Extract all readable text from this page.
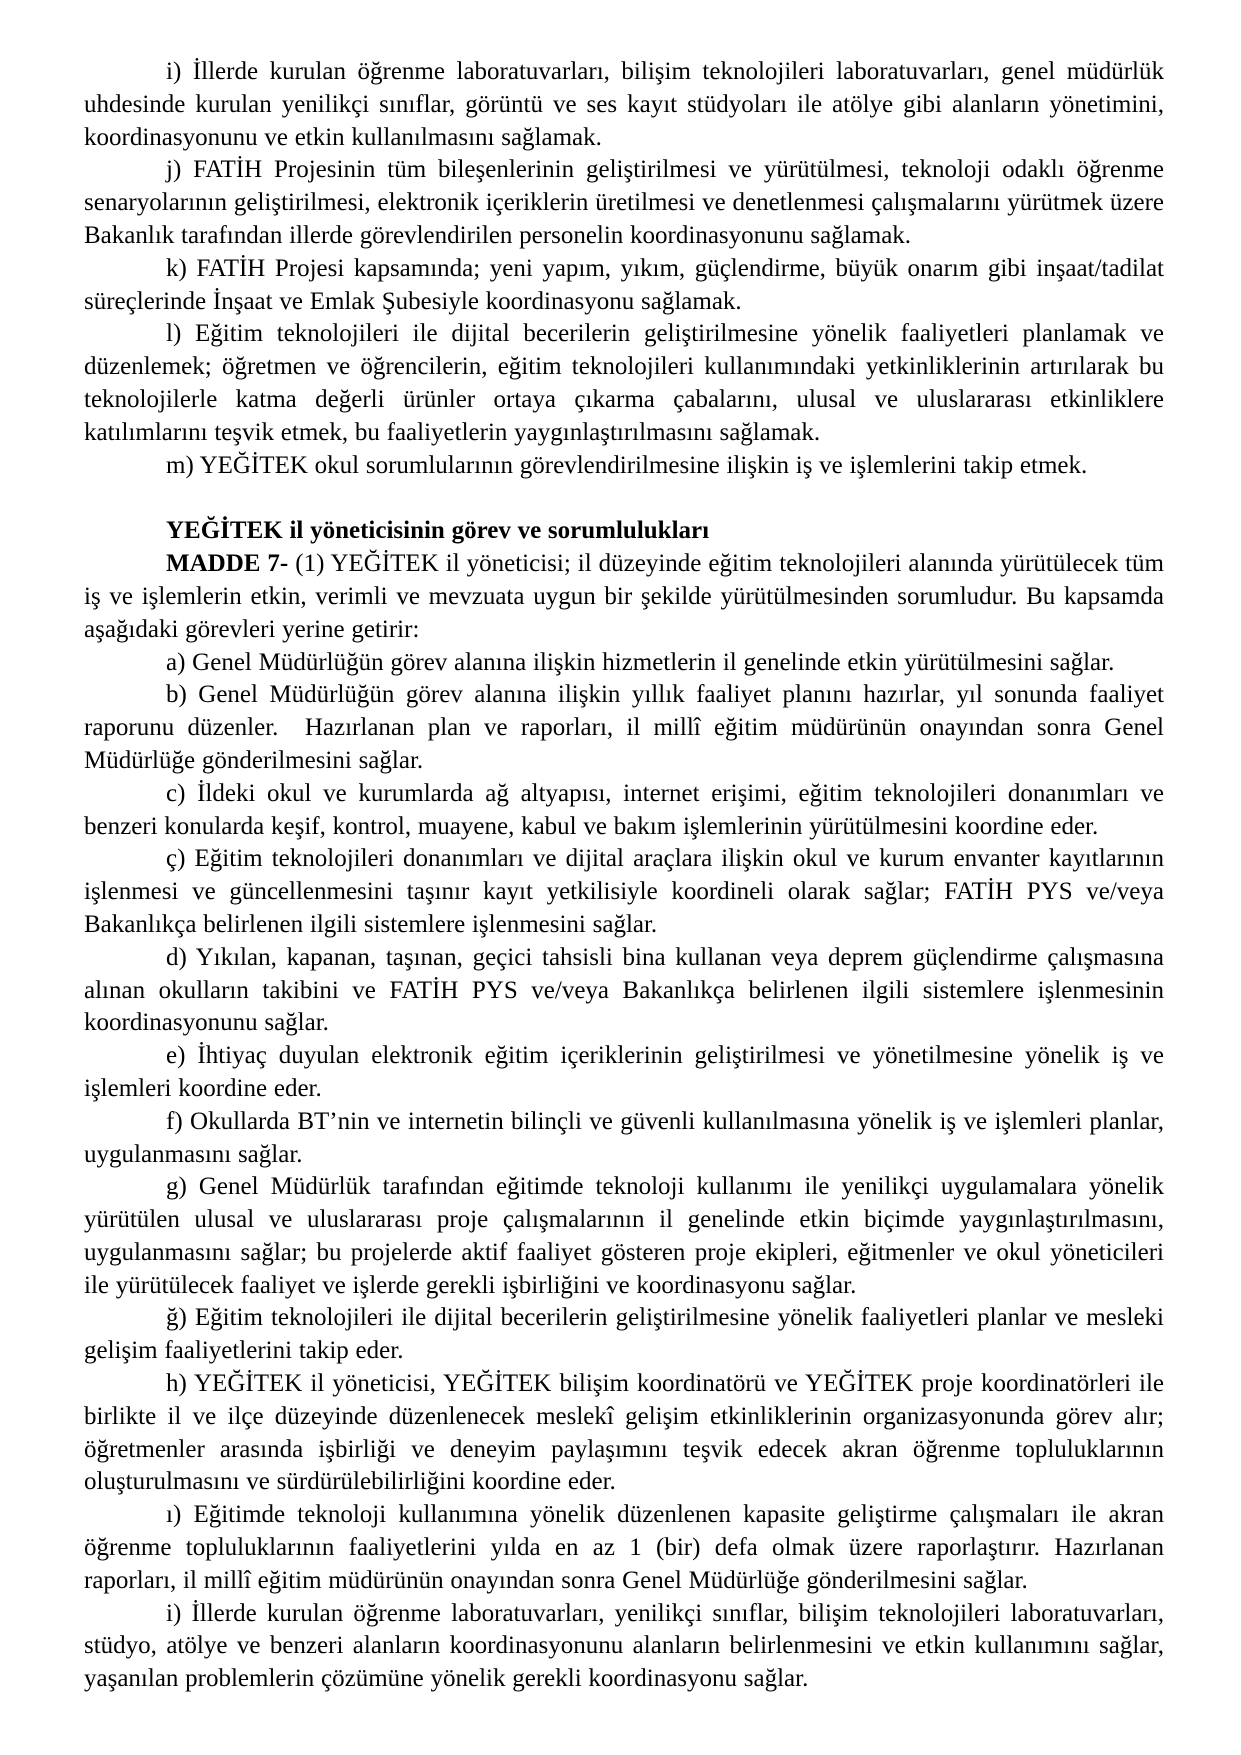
i) İllerde kurulan öğrenme laboratuvarları, bilişim teknolojileri laboratuvarları, genel müdürlük uhdesinde kurulan yenilikçi sınıflar, görüntü ve ses kayıt stüdyoları ile atölye gibi alanların yönetimini, koordinasyonunu ve etkin kullanılmasını sağlamak.

j) FATİH Projesinin tüm bileşenlerinin geliştirilmesi ve yürütülmesi, teknoloji odaklı öğrenme senaryolarının geliştirilmesi, elektronik içeriklerin üretilmesi ve denetlenmesi çalışmalarını yürütmek üzere Bakanlık tarafından illerde görevlendirilen personelin koordinasyonunu sağlamak.

k) FATİH Projesi kapsamında; yeni yapım, yıkım, güçlendirme, büyük onarım gibi inşaat/tadilat süreçlerinde İnşaat ve Emlak Şubesiyle koordinasyonu sağlamak.

l) Eğitim teknolojileri ile dijital becerilerin geliştirilmesine yönelik faaliyetleri planlamak ve düzenlemek; öğretmen ve öğrencilerin, eğitim teknolojileri kullanımındaki yetkinliklerinin artırılarak bu teknolojilerle katma değerli ürünler ortaya çıkarma çabalarını, ulusal ve uluslararası etkinliklere katılımlarını teşvik etmek, bu faaliyetlerin yaygınlaştırılmasını sağlamak.

m) YEĞİTEK okul sorumlularının görevlendirilmesine ilişkin iş ve işlemlerini takip etmek.

YEĞİTEK il yöneticisinin görev ve sorumlulukları

MADDE 7- (1) YEĞİTEK il yöneticisi; il düzeyinde eğitim teknolojileri alanında yürütülecek tüm iş ve işlemlerin etkin, verimli ve mevzuata uygun bir şekilde yürütülmesinden sorumludur. Bu kapsamda aşağıdaki görevleri yerine getirir:

a) Genel Müdürlüğün görev alanına ilişkin hizmetlerin il genelinde etkin yürütülmesini sağlar.

b) Genel Müdürlüğün görev alanına ilişkin yıllık faaliyet planını hazırlar, yıl sonunda faaliyet raporunu düzenler.  Hazırlanan plan ve raporları, il millî eğitim müdürünün onayından sonra Genel Müdürlüğe gönderilmesini sağlar.

c) İldeki okul ve kurumlarda ağ altyapısı, internet erişimi, eğitim teknolojileri donanımları ve benzeri konularda keşif, kontrol, muayene, kabul ve bakım işlemlerinin yürütülmesini koordine eder.

ç) Eğitim teknolojileri donanımları ve dijital araçlara ilişkin okul ve kurum envanter kayıtlarının işlenmesi ve güncellenmesini taşınır kayıt yetkilisiyle koordineli olarak sağlar; FATİH PYS ve/veya Bakanlıkça belirlenen ilgili sistemlere işlenmesini sağlar.

d) Yıkılan, kapanan, taşınan, geçici tahsisli bina kullanan veya deprem güçlendirme çalışmasına alınan okulların takibini ve FATİH PYS ve/veya Bakanlıkça belirlenen ilgili sistemlere işlenmesinin koordinasyonunu sağlar.

e) İhtiyaç duyulan elektronik eğitim içeriklerinin geliştirilmesi ve yönetilmesine yönelik iş ve işlemleri koordine eder.

f) Okullarda BT’nin ve internetin bilinçli ve güvenli kullanılmasına yönelik iş ve işlemleri planlar, uygulanmasını sağlar.

g) Genel Müdürlük tarafından eğitimde teknoloji kullanımı ile yenilikçi uygulamalara yönelik yürütülen ulusal ve uluslararası proje çalışmalarının il genelinde etkin biçimde yaygınlaştırılmasını, uygulanmasını sağlar; bu projelerde aktif faaliyet gösteren proje ekipleri, eğitmenler ve okul yöneticileri ile yürütülecek faaliyet ve işlerde gerekli işbirliğini ve koordinasyonu sağlar.

ğ) Eğitim teknolojileri ile dijital becerilerin geliştirilmesine yönelik faaliyetleri planlar ve mesleki gelişim faaliyetlerini takip eder.

h) YEĞİTEK il yöneticisi, YEĞİTEK bilişim koordinatörü ve YEĞİTEK proje koordinatörleri ile birlikte il ve ilçe düzeyinde düzenlenecek meslekî gelişim etkinliklerinin organizasyonunda görev alır; öğretmenler arasında işbirliği ve deneyim paylaşımını teşvik edecek akran öğrenme topluluklarının oluşturulmasını ve sürdürülebilirliğini koordine eder.

ı) Eğitimde teknoloji kullanımına yönelik düzenlenen kapasite geliştirme çalışmaları ile akran öğrenme topluluklarının faaliyetlerini yılda en az 1 (bir) defa olmak üzere raporlaştırır. Hazırlanan raporları, il millî eğitim müdürünün onayından sonra Genel Müdürlüğe gönderilmesini sağlar.

i) İllerde kurulan öğrenme laboratuvarları, yenilikçi sınıflar, bilişim teknolojileri laboratuvarları, stüdyo, atölye ve benzeri alanların koordinasyonunu alanların belirlenmesini ve etkin kullanımını sağlar, yaşanılan problemlerin çözümüne yönelik gerekli koordinasyonu sağlar.
